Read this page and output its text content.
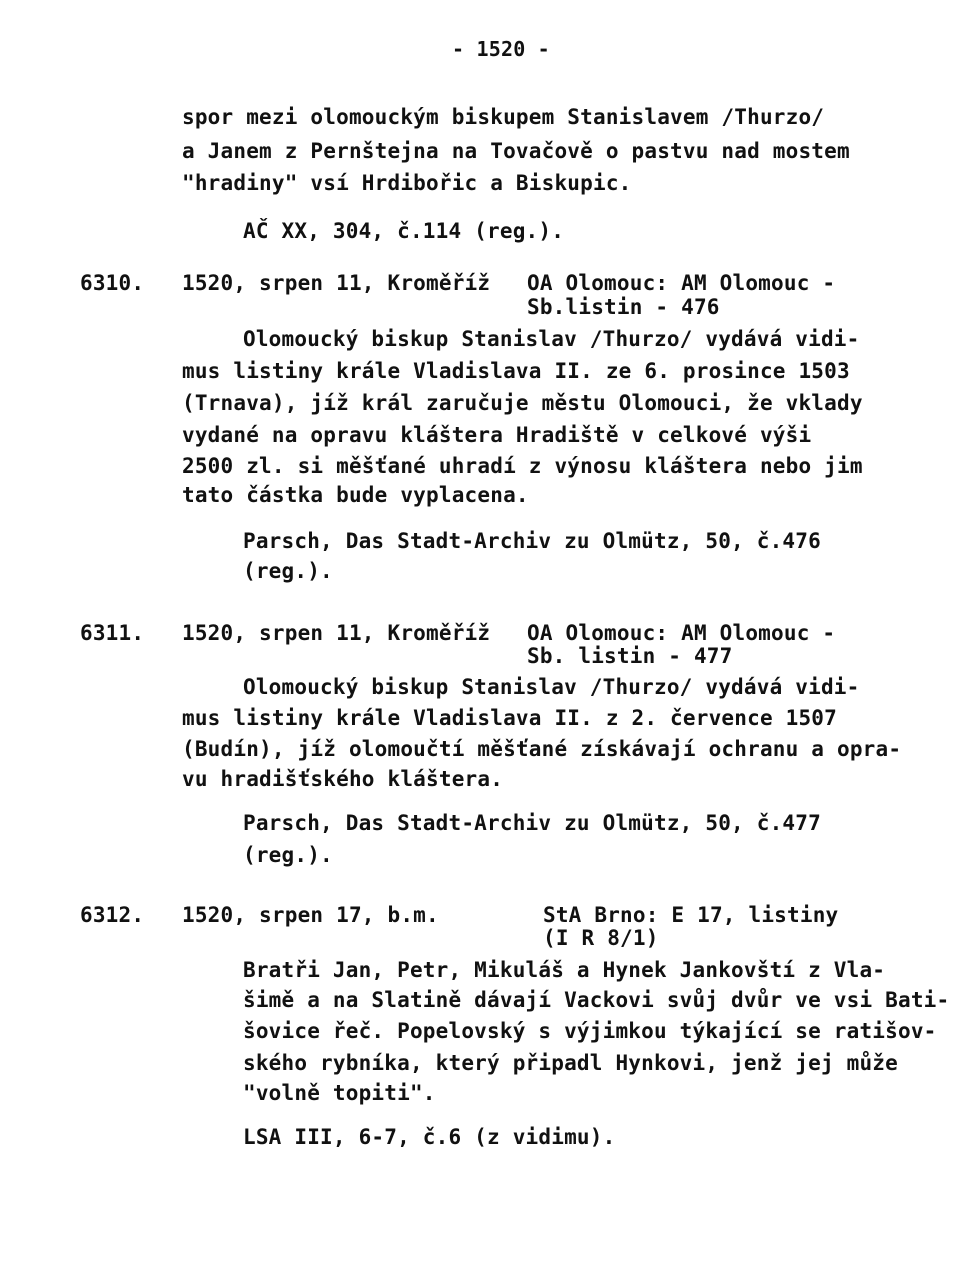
- 1520 -
spor mezi olomouckým biskupem Stanislavem /Thurzo/
a Janem z Pernštejna na Tovačově o pastvu nad mostem
"hradiny" vsí Hrdibořic a Biskupic.
AČ XX, 304, č.114 (reg.).
6310. 1520, srpen 11, Kroměříž OA Olomouc: AM Olomouc -
Sb.listin - 476
Olomoucký biskup Stanislav /Thurzo/ vydává vidi-
mus listiny krále Vladislava II. ze 6. prosince 1503
(Trnava), jíž král zaručuje městu Olomouci, že vklady
vydané na opravu kláštera Hradiště v celkové výši
2500 zl. si měšťané uhradí z výnosu kláštera nebo jim
tato částka bude vyplacena.
Parsch, Das Stadt-Archiv zu Olmütz, 50, č.476
(reg.).
6311. 1520, srpen 11, Kroměříž OA Olomouc: AM Olomouc -
Sb. listin - 477
Olomoucký biskup Stanislav /Thurzo/ vydává vidi-
mus listiny krále Vladislava II. z 2. července 1507
(Budín), jíž olomoučtí měšťané získávají ochranu a opra-
vu hradišťského kláštera.
Parsch, Das Stadt-Archiv zu Olmütz, 50, č.477
(reg.).
6312. 1520, srpen 17, b.m.	StA Brno: E 17, listiny
(I R 8/1)
Bratři Jan, Petr, Mikuláš a Hynek Jankovští z Vla-
šimě a na Slatině dávají Vackovi svůj dvůr ve vsi Bati-
šovice řeč. Popelovský s výjimkou týkající se ratišov-
ského rybníka, který připadl Hynkovi, jenž jej může
"volně topiti".
LSA III, 6-7, č.6 (z vidimu).
